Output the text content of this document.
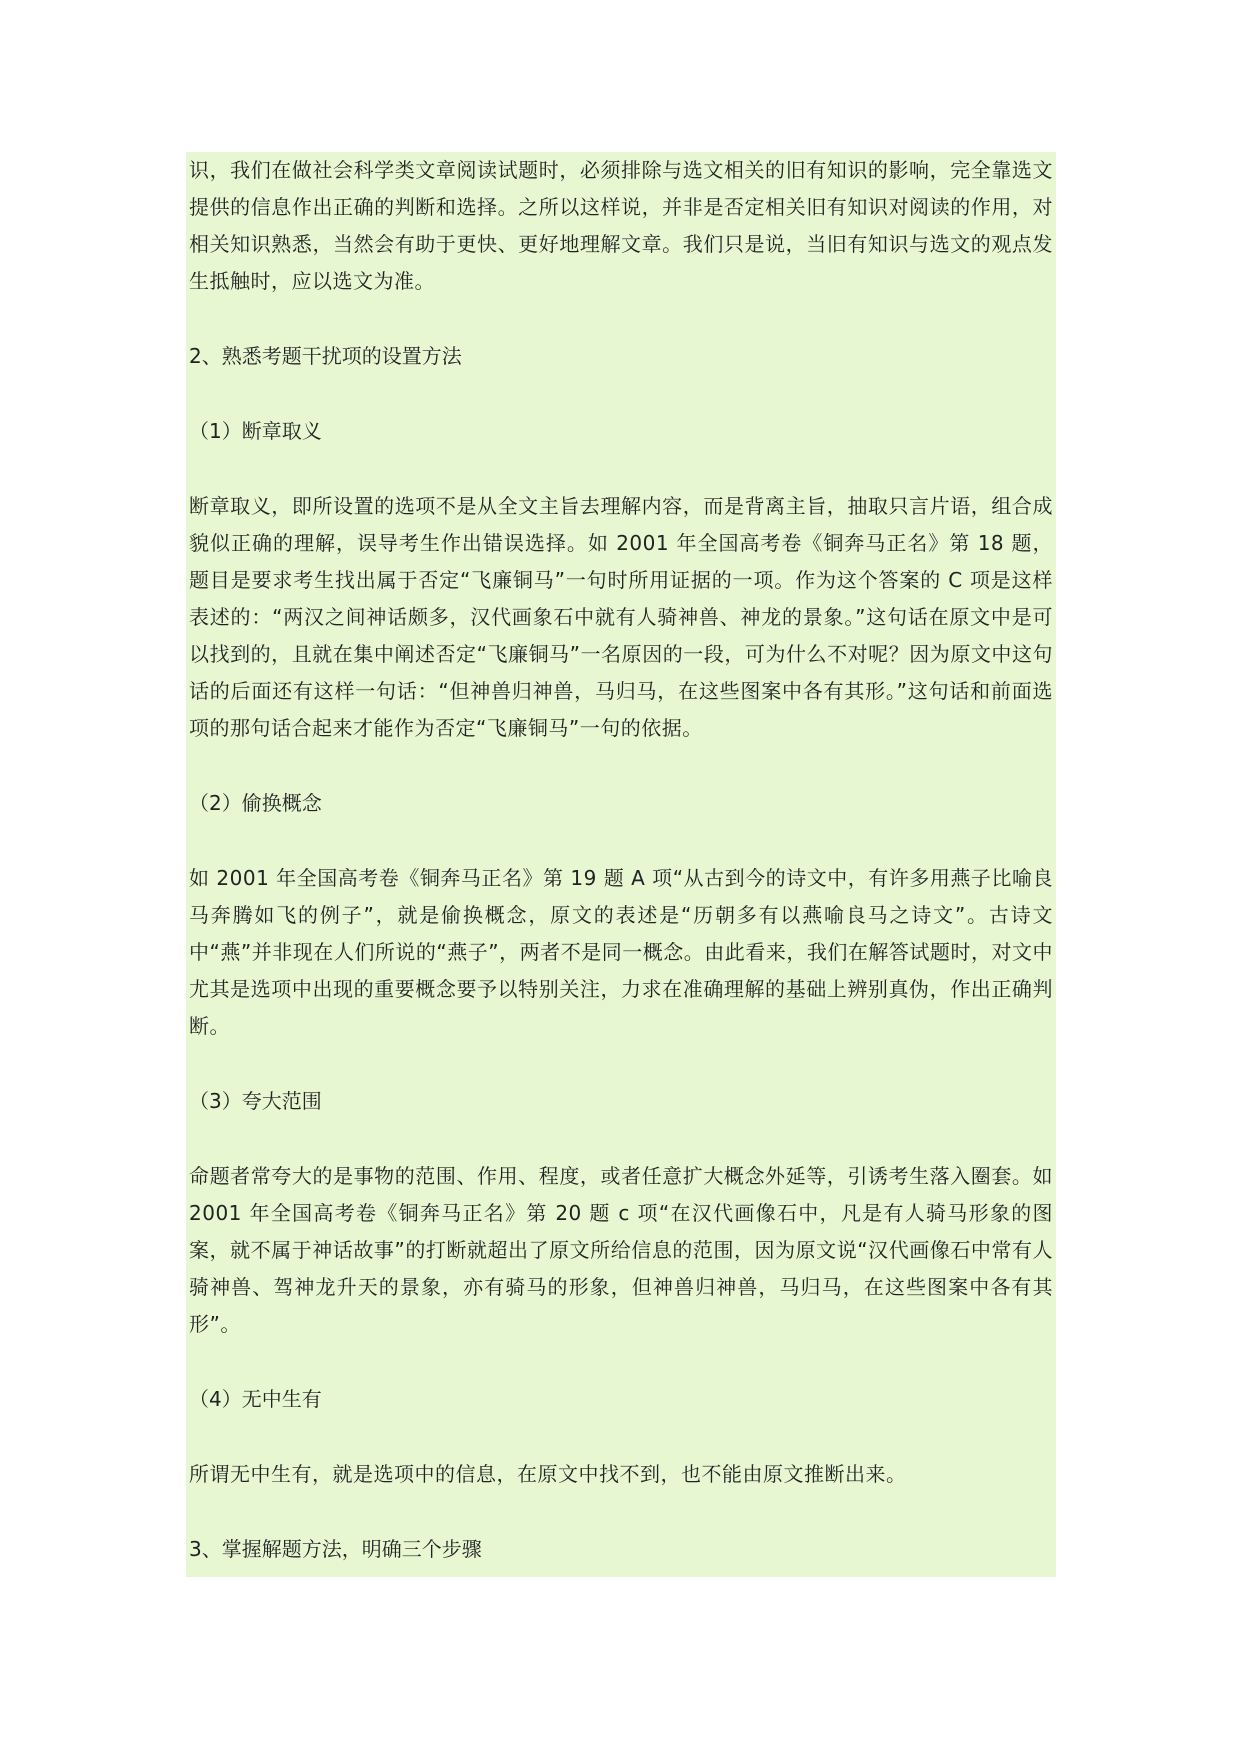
识，我们在做社会科学类文章阅读试题时，必须排除与选文相关的旧有知识的影响，完全靠选文提供的信息作出正确的判断和选择。之所以这样说，并非是否定相关旧有知识对阅读的作用，对相关知识熟悉，当然会有助于更快、更好地理解文章。我们只是说，当旧有知识与选文的观点发生抵触时，应以选文为准。

2、熟悉考题干扰项的设置方法

（1）断章取义

断章取义，即所设置的选项不是从全文主旨去理解内容，而是背离主旨，抽取只言片语，组合成貌似正确的理解，误导考生作出错误选择。如 2001 年全国高考卷《铜奔马正名》第 18 题，题目是要求考生找出属于否定“飞廉铜马”一句时所用证据的一项。作为这个答案的 C 项是这样表述的：“两汉之间神话颇多，汉代画象石中就有人骑神兽、神龙的景象。”这句话在原文中是可以找到的，且就在集中阐述否定“飞廉铜马”一名原因的一段，可为什么不对呢？因为原文中这句话的后面还有这样一句话：“但神兽归神兽，马归马，在这些图案中各有其形。”这句话和前面选项的那句话合起来才能作为否定“飞廉铜马”一句的依据。

（2）偷换概念

如 2001 年全国高考卷《铜奔马正名》第 19 题 A 项“从古到今的诗文中，有许多用燕子比喻良马奔腾如飞的例子”，就是偷换概念，原文的表述是“历朝多有以燕喻良马之诗文”。古诗文中“燕”并非现在人们所说的“燕子”，两者不是同一概念。由此看来，我们在解答试题时，对文中尤其是选项中出现的重要概念要予以特别关注，力求在准确理解的基础上辨别真伪，作出正确判断。

（3）夸大范围

命题者常夸大的是事物的范围、作用、程度，或者任意扩大概念外延等，引诱考生落入圈套。如 2001 年全国高考卷《铜奔马正名》第 20 题 c 项“在汉代画像石中，凡是有人骑马形象的图案，就不属于神话故事”的打断就超出了原文所给信息的范围，因为原文说“汉代画像石中常有人骑神兽、驾神龙升天的景象，亦有骑马的形象，但神兽归神兽，马归马，在这些图案中各有其形”。

（4）无中生有

所谓无中生有，就是选项中的信息，在原文中找不到，也不能由原文推断出来。

3、掌握解题方法，明确三个步骤
